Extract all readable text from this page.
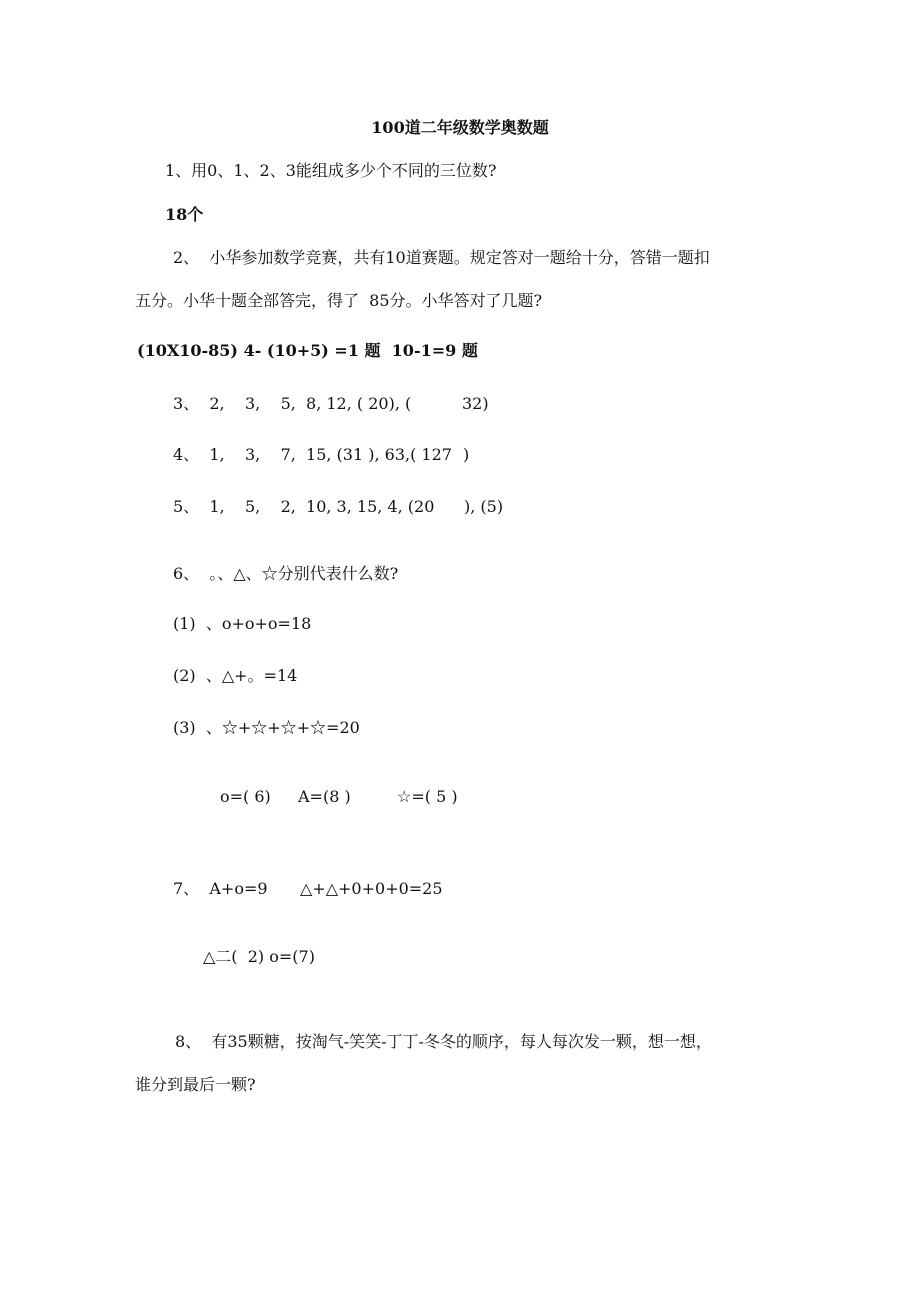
100道二年级数学奥数题
1、用0、1、2、3能组成多少个不同的三位数?
18个
2、  小华参加数学竞赛，共有10道赛题。规定答对一题给十分，答错一题扣
五分。小华十题全部答完，得了  85分。小华答对了几题?
(10X10-85) 4- (10+5) =1 题  10-1=9 题
3、  2,    3,    5,  8, 12, ( 20), (	32)
4、  1,    3,    7,  15, (31 ), 63,( 127 )
5、  1,    5,    2,  10, 3, 15, 4, (20 ), (5)
6、  。、△、☆分别代表什么数?
(1)  、o+o+o=18
(2)  、△+。=14
(3)  、☆+☆+☆+☆=20
o=( 6) A=(8 )	☆=( 5 )
7、  A+o=9 △+△+0+0+0=25
△二(  2) o=(7)
8、  有35颗糖，按淘气-笑笑-丁丁-冬冬的顺序，每人每次发一颗，想一想，
谁分到最后一颗?
